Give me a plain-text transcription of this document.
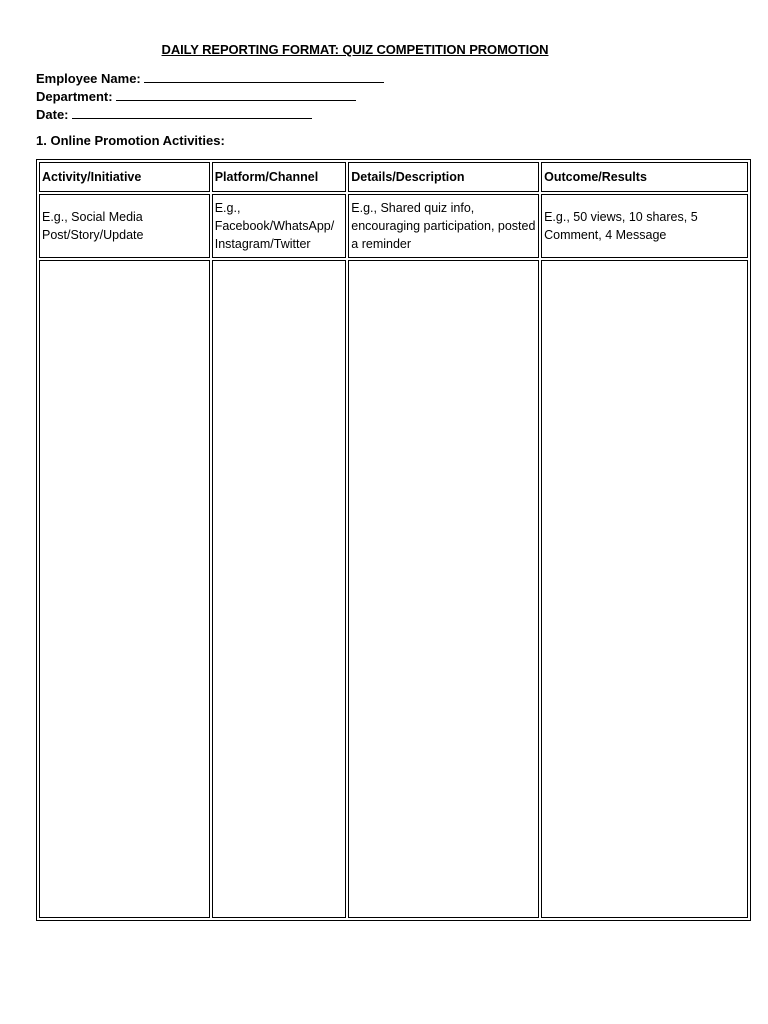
DAILY REPORTING FORMAT: QUIZ COMPETITION PROMOTION
Employee Name:
Department:
Date:
1. Online Promotion Activities:
Activity/Initiative	Platform/Channel	Details/Description	Outcome/Results
E.g., Social Media Post/Story/Update	E.g., Facebook/WhatsApp/ Instagram/Twitter	E.g., Shared quiz info, encouraging participation, posted a reminder	E.g., 50 views, 10 shares, 5 Comment, 4 Message
